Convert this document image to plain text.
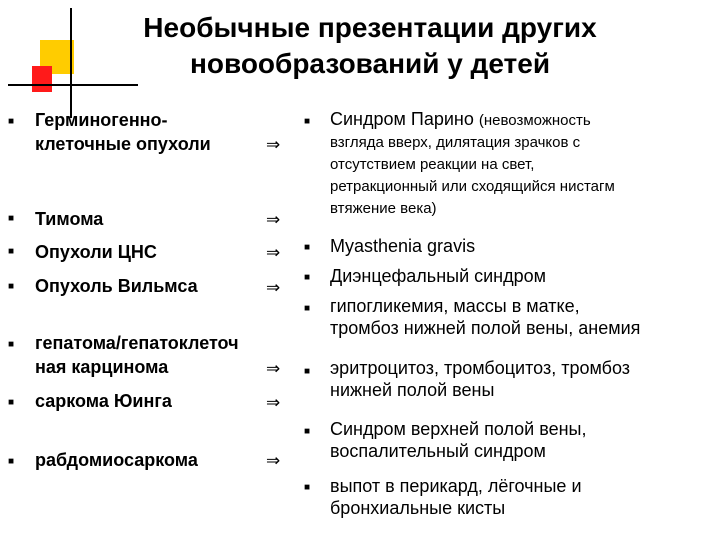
Необычные презентации других
новообразований у детей
■
Герминогенно-
клеточные опухоли	⇒
■
Тимома	⇒
■
Опухоли ЦНС	⇒
■
Опухоль Вильмса	⇒
■
гепатома/гепатоклеточ
ная карцинома	⇒
■
саркома Юинга	⇒
■
рабдомиосаркома	⇒
■
Синдром Парино (невозможность
взгляда вверх, дилятация зрачков с
отсутствием реакции на свет,
ретракционный или сходящийся нистагм
втяжение века)
■
Myasthenia gravis
■
Диэнцефальный синдром
■
гипогликемия, массы в матке,
тромбоз нижней полой вены, анемия
■
эритроцитоз, тромбоцитоз, тромбоз
нижней полой вены
■
Синдром верхней полой вены,
воспалительный синдром
■
выпот в перикард, лёгочные и
бронхиальные кисты
